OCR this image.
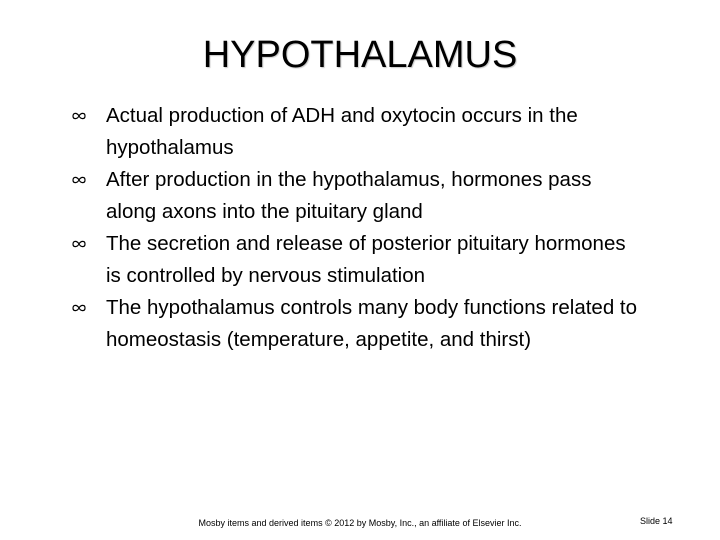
HYPOTHALAMUS
Actual production of ADH and oxytocin occurs in the hypothalamus
After production in the hypothalamus, hormones pass along axons into the pituitary gland
The secretion and release of posterior pituitary hormones is controlled by nervous stimulation
The hypothalamus controls many body functions related to homeostasis (temperature, appetite, and thirst)
Mosby items and derived items © 2012 by Mosby, Inc., an affiliate of Elsevier Inc.	Slide 14
